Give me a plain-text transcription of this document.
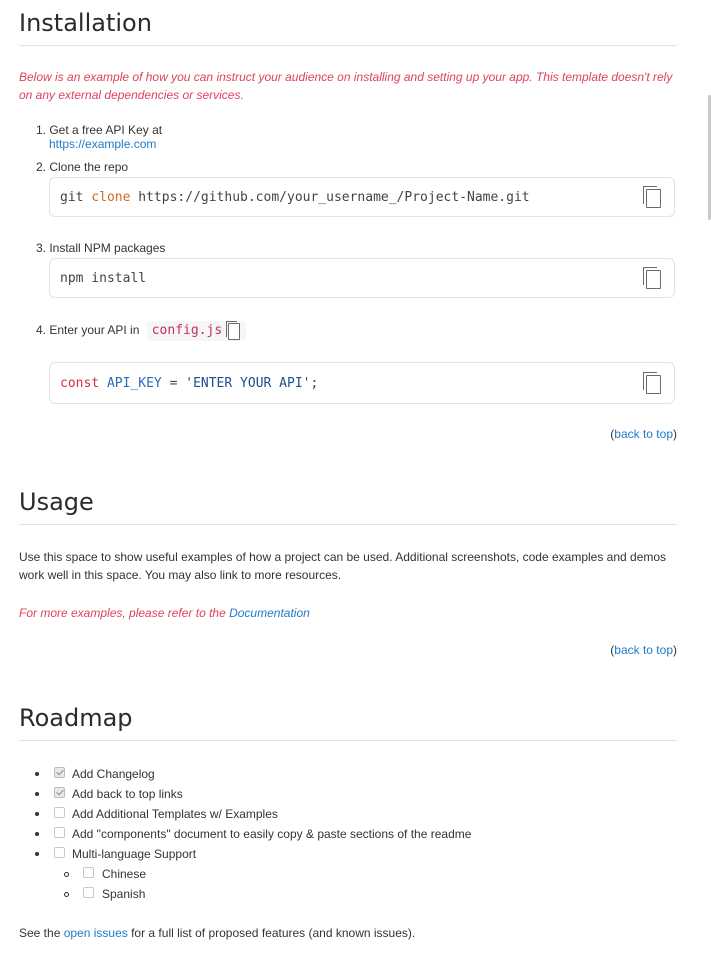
Installation

Below is an example of how you can instruct your audience on installing and setting up your app. This template doesn't rely on any external dependencies or services.

1. Get a free API Key at
https://example.com
2. Clone the repo
3. Install NPM packages
4. Enter your API in config.js
git clone https://github.com/your_username_/Project-Name.git
npm install
const API_KEY = 'ENTER YOUR API';
(back to top)
Usage

Use this space to show useful examples of how a project can be used. Additional screenshots, code examples and demos work well in this space. You may also link to more resources.

For more examples, please refer to the Documentation

(back to top)
Roadmap
Add Changelog
Add back to top links
Add Additional Templates w/ Examples
Add "components" document to easily copy & paste sections of the readme
Multi-language Support
Chinese
Spanish

See the open issues for a full list of proposed features (and known issues).
